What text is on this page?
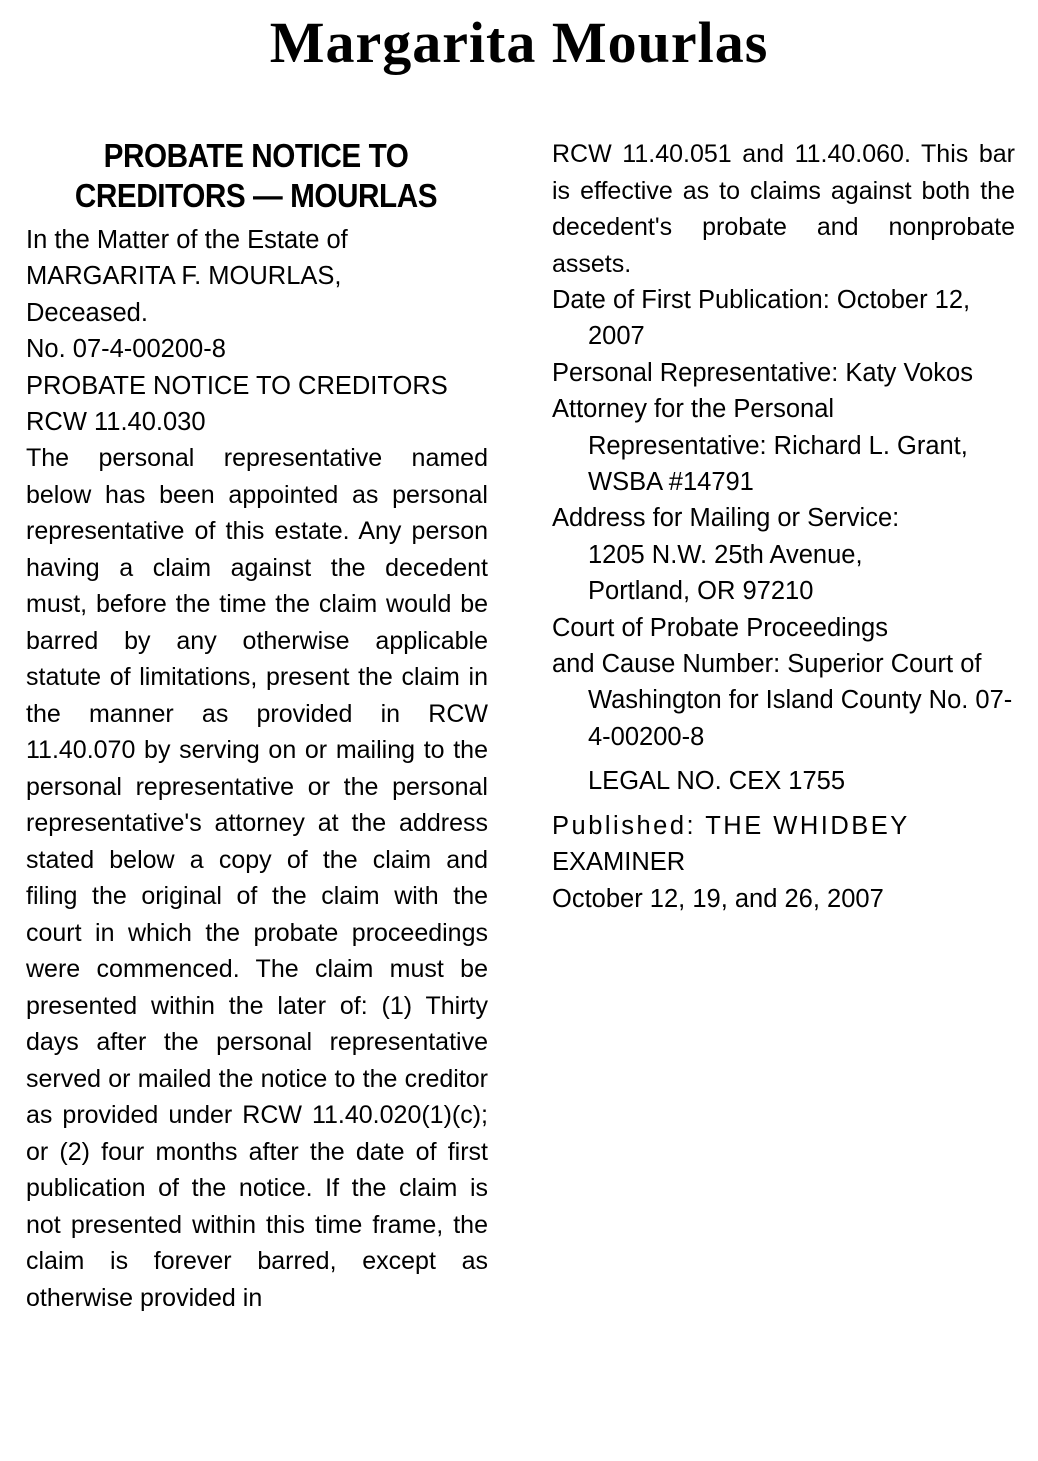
Margarita Mourlas
PROBATE NOTICE TO
CREDITORS — MOURLAS
In the Matter of the Estate of
MARGARITA F. MOURLAS,
Deceased.
No. 07-4-00200-8
PROBATE NOTICE TO CREDITORS
RCW 11.40.030
The personal representative named below has been appointed as personal representative of this estate. Any person having a claim against the decedent must, before the time the claim would be barred by any otherwise applicable statute of limitations, present the claim in the manner as provided in RCW 11.40.070 by serving on or mailing to the personal representative or the personal representative's attorney at the address stated below a copy of the claim and filing the original of the claim with the court in which the probate proceedings were commenced. The claim must be presented within the later of: (1) Thirty days after the personal representative served or mailed the notice to the creditor as provided under RCW 11.40.020(1)(c); or (2) four months after the date of first publication of the notice. If the claim is not presented within this time frame, the claim is forever barred, except as otherwise provided in
RCW 11.40.051 and 11.40.060. This bar is effective as to claims against both the decedent's probate and nonprobate assets.
Date of First Publication: October 12, 2007
Personal Representative: Katy Vokos
Attorney for the Personal Representative: Richard L. Grant, WSBA #14791
Address for Mailing or Service:
1205 N.W. 25th Avenue,
Portland, OR 97210
Court of Probate Proceedings
and Cause Number: Superior Court of Washington for Island County No. 07-4-00200-8
LEGAL NO. CEX 1755
Published: THE WHIDBEY
EXAMINER
October 12, 19, and 26, 2007
